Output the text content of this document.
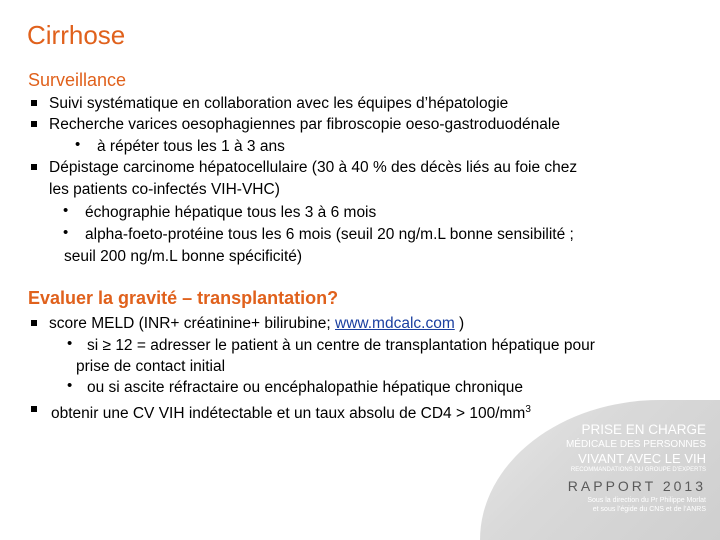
Cirrhose
Surveillance
Suivi systématique en collaboration avec les équipes d’hépatologie
Recherche varices oesophagiennes par fibroscopie oeso-gastroduodénale
• à répéter tous les 1 à 3 ans
Dépistage carcinome hépatocellulaire (30 à 40 % des décès liés au foie chez
les patients co-infectés VIH-VHC)
• échographie hépatique tous les 3 à 6 mois
• alpha-foeto-protéine tous les 6 mois (seuil 20 ng/m.L bonne sensibilité ;
seuil 200 ng/m.L bonne spécificité)
Evaluer la gravité – transplantation?
score MELD (INR+ créatinine+ bilirubine; www.mdcalc.com )
• si ≥ 12 = adresser le patient à un centre de transplantation hépatique pour
prise de contact initial
• ou si ascite réfractaire ou encéphalopathie hépatique chronique
obtenir une CV VIH indétectable et un taux absolu de $CD4 > 100/mm^3$
PRISE EN CHARGE
MÉDICALE DES PERSONNES
VIVANT AVEC LE VIH
RECOMMANDATIONS DU GROUPE D’EXPERTS
RAPPORT 2013
Sous la direction du Pr Philippe Morlat
et sous l’égide du CNS et de l’ANRS
